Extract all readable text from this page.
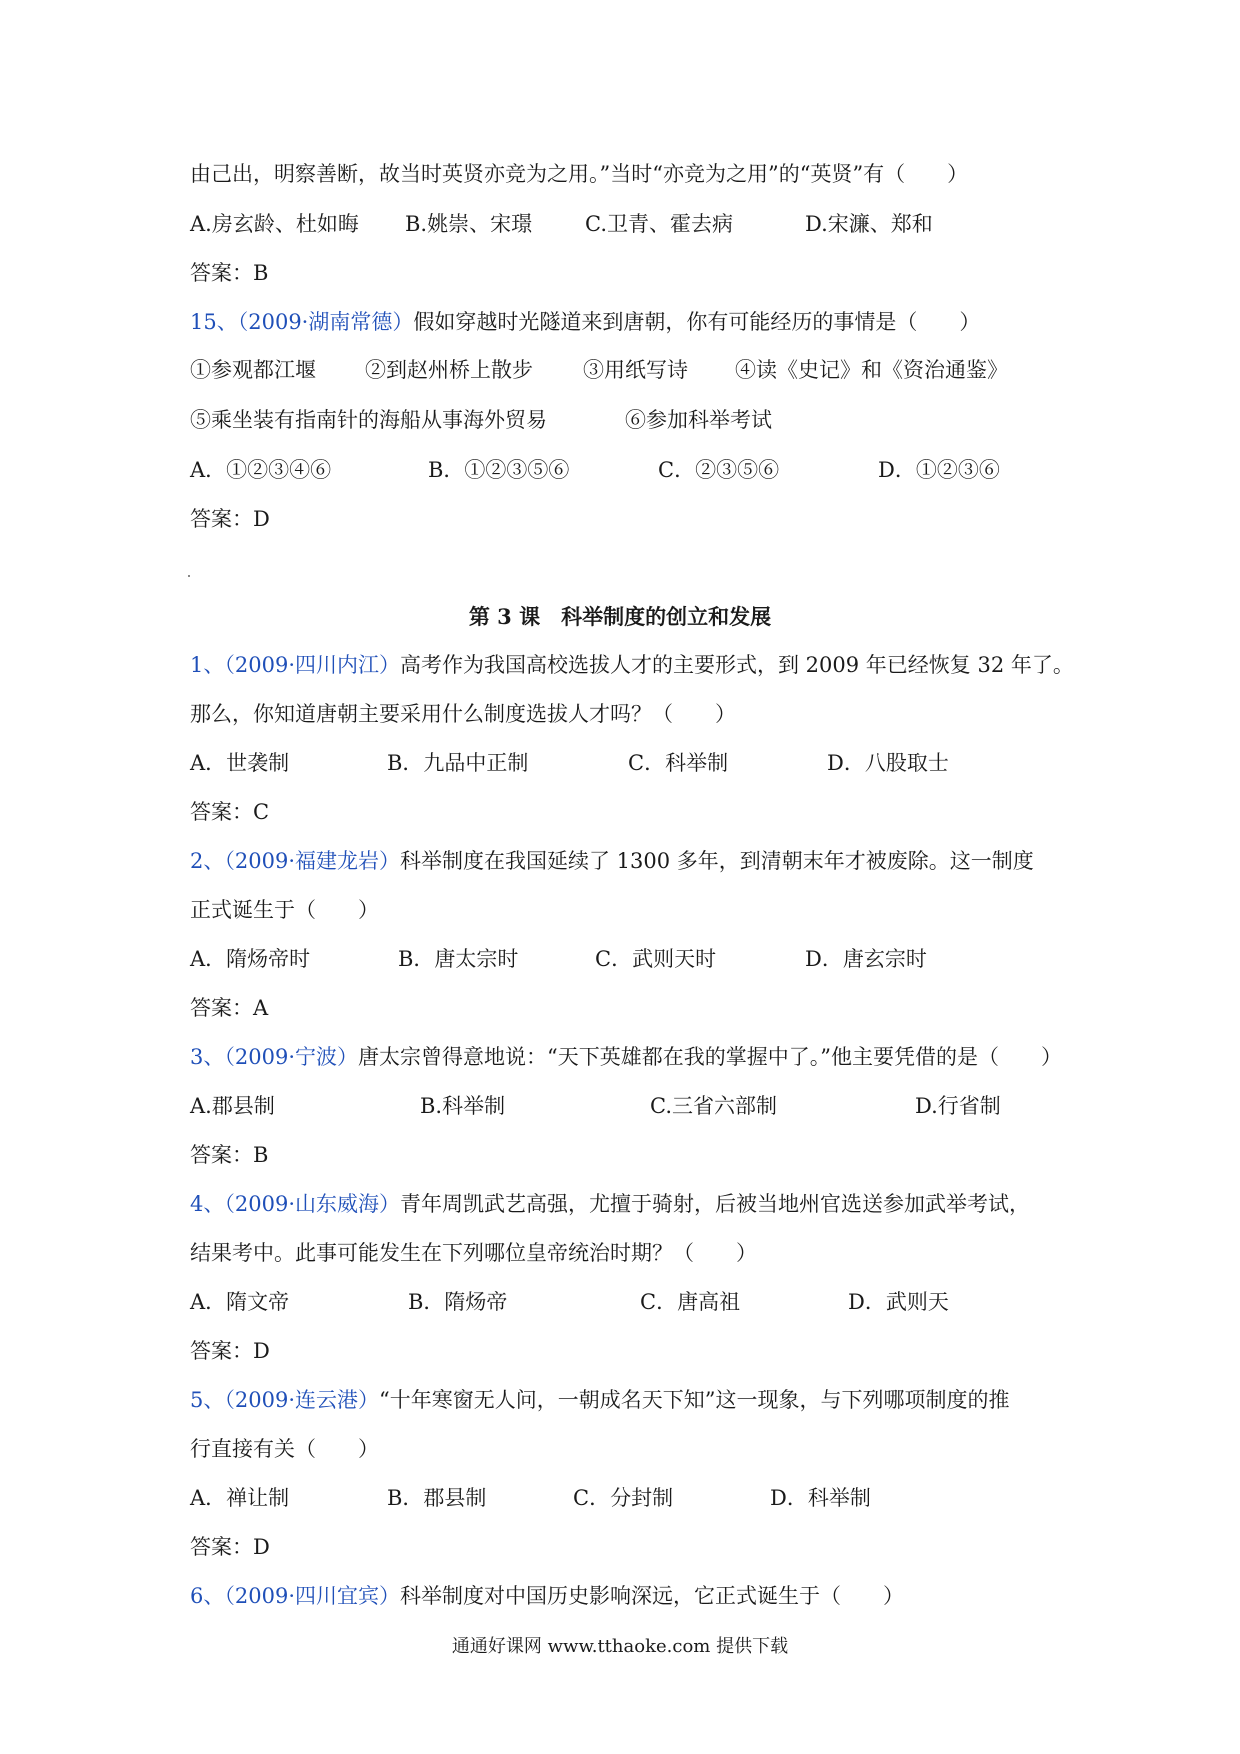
由己出，明察善断，故当时英贤亦竞为之用。”当时“亦竞为之用”的“英贤”有（　　）
A.房玄龄、杜如晦 B.姚崇、宋璟	C.卫青、霍去病	D.宋濂、郑和
答案：B
15、（2009·湖南常德）假如穿越时光隧道来到唐朝，你有可能经历的事情是（　　）
①参观都江堰 ②到赵州桥上散步 ③用纸写诗 ④读《史记》和《资治通鉴》
⑤乘坐装有指南针的海船从事海外贸易	⑥参加科举考试
A．①②③④⑥	B．①②③⑤⑥	C．②③⑤⑥	D．①②③⑥
答案：D
第 3 课　科举制度的创立和发展
1、（2009·四川内江）高考作为我国高校选拔人才的主要形式，到 2009 年已经恢复 32 年了。
那么，你知道唐朝主要采用什么制度选拔人才吗？（　　）
A．世袭制	B．九品中正制	C．科举制	D．八股取士
答案：C
2、（2009·福建龙岩）科举制度在我国延续了 1300 多年，到清朝末年才被废除。这一制度
正式诞生于（　　）
A．隋炀帝时	B．唐太宗时	C．武则天时	D．唐玄宗时
答案：A
3、（2009·宁波）唐太宗曾得意地说：“天下英雄都在我的掌握中了。”他主要凭借的是（　　）
A.郡县制	B.科举制	C.三省六部制	D.行省制
答案：B
4、（2009·山东威海）青年周凯武艺高强，尤擅于骑射，后被当地州官选送参加武举考试，
结果考中。此事可能发生在下列哪位皇帝统治时期？（　　）
A．隋文帝	B．隋炀帝	C．唐高祖	D．武则天
答案：D
5、（2009·连云港）“十年寒窗无人问，一朝成名天下知”这一现象，与下列哪项制度的推
行直接有关（　　）
A．禅让制	B．郡县制	C．分封制	D．科举制
答案：D
6、（2009·四川宜宾）科举制度对中国历史影响深远，它正式诞生于（　　）
通通好课网 www.tthaoke.com 提供下载
